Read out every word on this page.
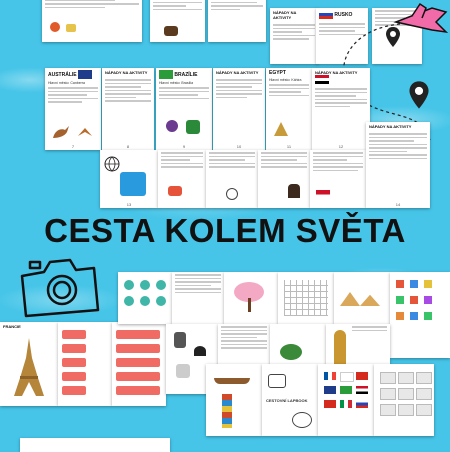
NÁPADY NA AKTIVITY	RUSKO
AUSTRÁLIE
Hlavní město: Canberra
7
NÁPADY NA AKTIVITY
8
BRAZÍLIE
Hlavní město: Brasília
9
NÁPADY NA AKTIVITY
10
EGYPT
Hlavní město: Káhira
11
NÁPADY NA AKTIVITY
12
13
NÁPADY NA AKTIVITY
14
CESTA KOLEM SVĚTA
FRANCIE
CESTOVNÍ LAPBOOK
